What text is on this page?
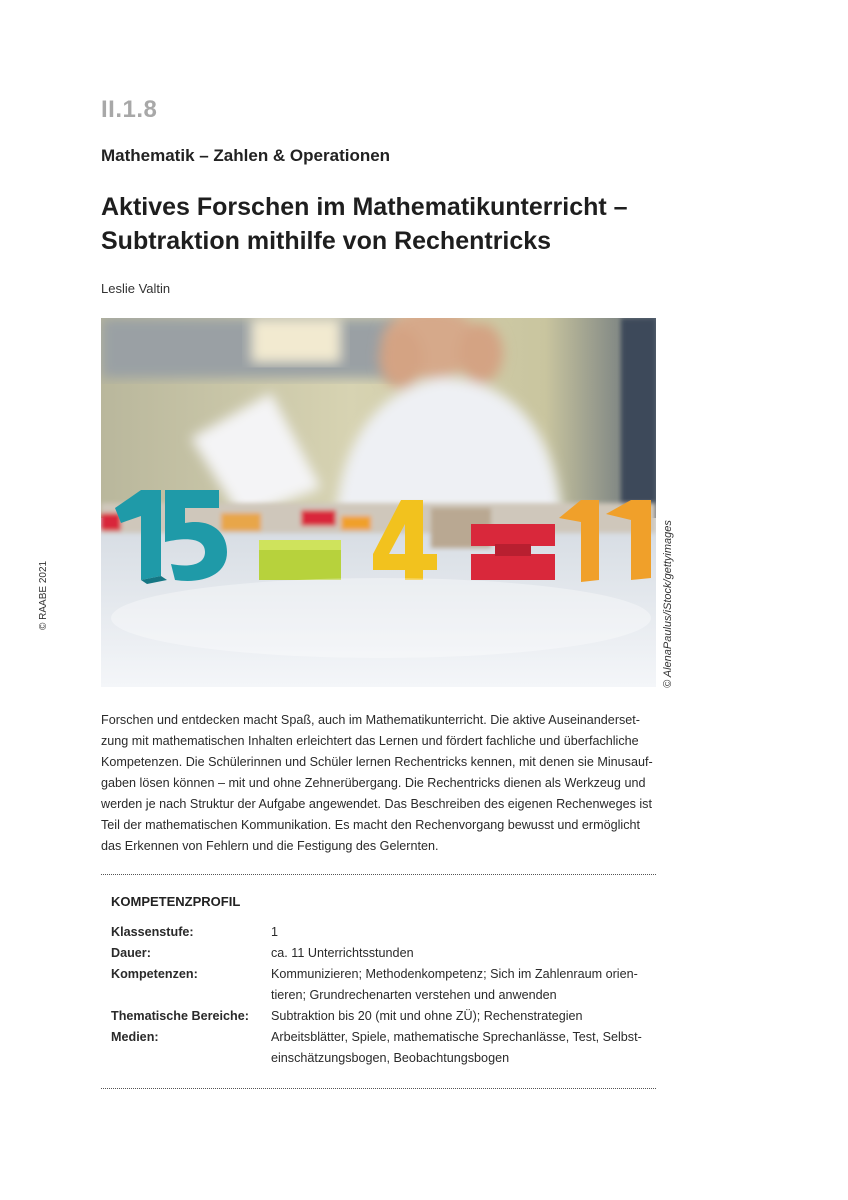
II.1.8
Mathematik – Zahlen & Operationen
Aktives Forschen im Mathematikunterricht –
Subtraktion mithilfe von Rechentricks
Leslie Valtin
© AlenaPaulus/iStock/gettyimages
© RAABE 2021

Forschen und entdecken macht Spaß, auch im Mathematikunterricht. Die aktive Auseinanderset-
zung mit mathematischen Inhalten erleichtert das Lernen und fördert fachliche und überfachliche
Kompetenzen. Die Schülerinnen und Schüler lernen Rechentricks kennen, mit denen sie Minusauf-
gaben lösen können – mit und ohne Zehnerübergang. Die Rechentricks dienen als Werkzeug und
werden je nach Struktur der Aufgabe angewendet. Das Beschreiben des eigenen Rechenweges ist
Teil der mathematischen Kommunikation. Es macht den Rechenvorgang bewusst und ermöglicht
das Erkennen von Fehlern und die Festigung des Gelernten.

KOMPETENZPROFIL
Klassenstufe:	1
Dauer:	ca. 11 Unterrichtsstunden
Kompetenzen:	Kommunizieren; Methodenkompetenz; Sich im Zahlenraum orien-
tieren; Grundrechenarten verstehen und anwenden
Thematische Bereiche:	Subtraktion bis 20 (mit und ohne ZÜ); Rechenstrategien
Medien:	Arbeitsblätter, Spiele, mathematische Sprechanlässe, Test, Selbst-
einschätzungsbogen, Beobachtungsbogen
